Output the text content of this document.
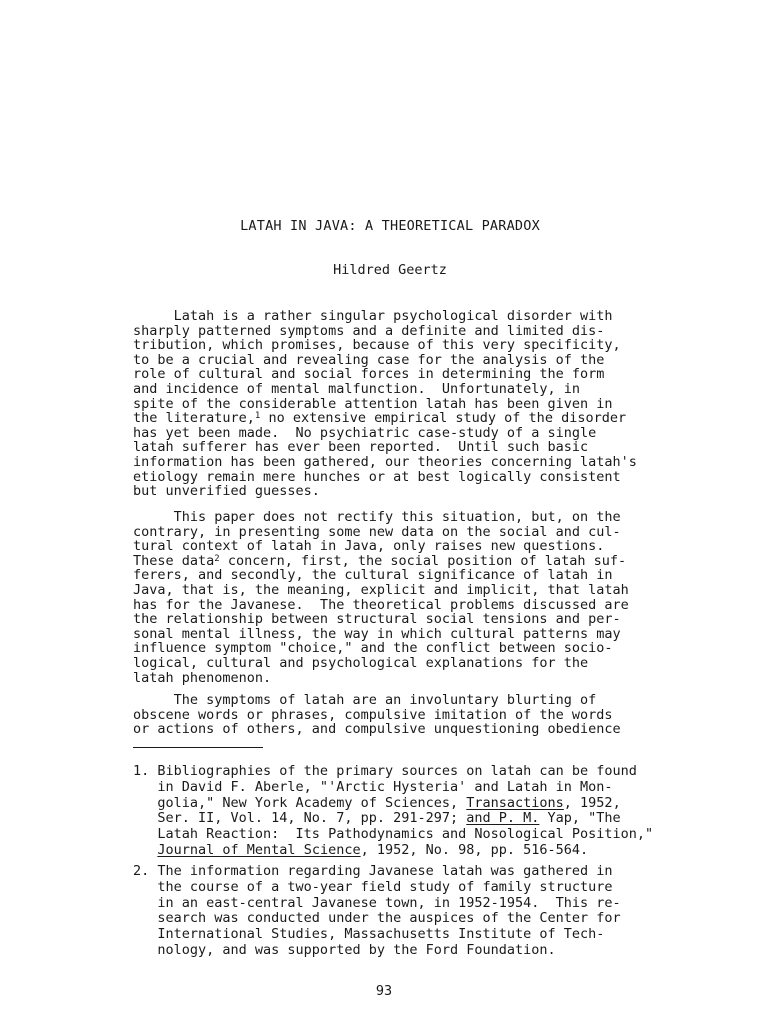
LATAH IN JAVA: A THEORETICAL PARADOX
Hildred Geertz

Latah is a rather singular psychological disorder with
sharply patterned symptoms and a definite and limited dis-
tribution, which promises, because of this very specificity,
to be a crucial and revealing case for the analysis of the
role of cultural and social forces in determining the form
and incidence of mental malfunction.  Unfortunately, in
spite of the considerable attention latah has been given in
the literature,$^1$ no extensive empirical study of the disorder
has yet been made.  No psychiatric case-study of a single
latah sufferer has ever been reported.  Until such basic
information has been gathered, our theories concerning latah's
etiology remain mere hunches or at best logically consistent
but unverified guesses.

This paper does not rectify this situation, but, on the
contrary, in presenting some new data on the social and cul-
tural context of latah in Java, only raises new questions.
These data$^2$ concern, first, the social position of latah suf-
ferers, and secondly, the cultural significance of latah in
Java, that is, the meaning, explicit and implicit, that latah
has for the Javanese.  The theoretical problems discussed are
the relationship between structural social tensions and per-
sonal mental illness, the way in which cultural patterns may
influence symptom "choice," and the conflict between socio-
logical, cultural and psychological explanations for the
latah phenomenon.

The symptoms of latah are an involuntary blurting of
obscene words or phrases, compulsive imitation of the words
or actions of others, and compulsive unquestioning obedience

1. Bibliographies of the primary sources on latah can be found
in David F. Aberle, "'Arctic Hysteria' and Latah in Mon-
golia," New York Academy of Sciences, Transactions, 1952,
Ser. II, Vol. 14, No. 7, pp. 291-297; and P. M. Yap, "The
Latah Reaction:  Its Pathodynamics and Nosological Position,"
Journal of Mental Science, 1952, No. 98, pp. 516-564.

2. The information regarding Javanese latah was gathered in
the course of a two-year field study of family structure
in an east-central Javanese town, in 1952-1954.  This re-
search was conducted under the auspices of the Center for
International Studies, Massachusetts Institute of Tech-
nology, and was supported by the Ford Foundation.

93
